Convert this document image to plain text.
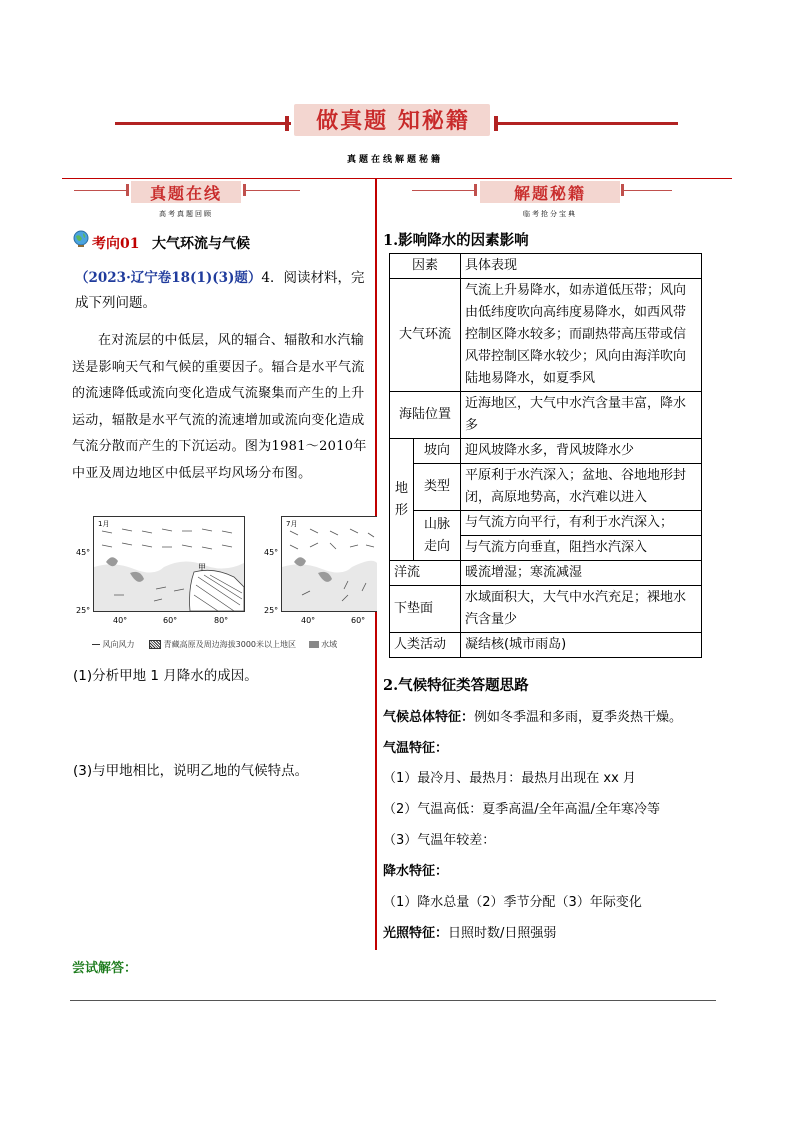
做真题 知秘籍
真题在线解题秘籍
真题在线
高考真题回顾
解题秘籍
临考抢分宝典
考向01 大气环流与气候
（2023·辽宁卷18(1)(3)题）4．阅读材料，完成下列问题。
在对流层的中低层，风的辐合、辐散和水汽输送是影响天气和气候的重要因子。辐合是水平气流的流速降低或流向变化造成气流聚集而产生的上升运动，辐散是水平气流的流速增加或流向变化造成气流分散而产生的下沉运动。图为1981～2010年中亚及周边地区中低层平均风场分布图。
1月
甲
7月
45°
25°
45°
25°
40°	60°	80°	40°	60°
风向风力	青藏高原及周边海拔3000米以上地区	水域
(1)分析甲地 1 月降水的成因。
(3)与甲地相比，说明乙地的气候特点。
1.影响降水的因素影响
因素		具体表现
大气环流		气流上升易降水，如赤道低压带；风向由低纬度吹向高纬度易降水，如西风带控制区降水较多；而副热带高压带或信风带控制区降水较少；风向由海洋吹向陆地易降水，如夏季风
海陆位置		近海地区，大气中水汽含量丰富，降水多
地形	坡向	迎风坡降水多，背风坡降水少
	类型	平原利于水汽深入；盆地、谷地地形封闭，高原地势高，水汽难以进入
	山脉走向	与气流方向平行，有利于水汽深入；
		与气流方向垂直，阻挡水汽深入
洋流		暖流增湿；寒流减湿
下垫面		水域面积大，大气中水汽充足；裸地水汽含量少
人类活动		凝结核(城市雨岛)
2.气候特征类答题思路
气候总体特征：例如冬季温和多雨，夏季炎热干燥。
气温特征：
（1）最冷月、最热月：最热月出现在 xx 月
（2）气温高低：夏季高温/全年高温/全年寒冷等
（3）气温年较差：
降水特征：
（1）降水总量（2）季节分配（3）年际变化
光照特征：日照时数/日照强弱
尝试解答：
